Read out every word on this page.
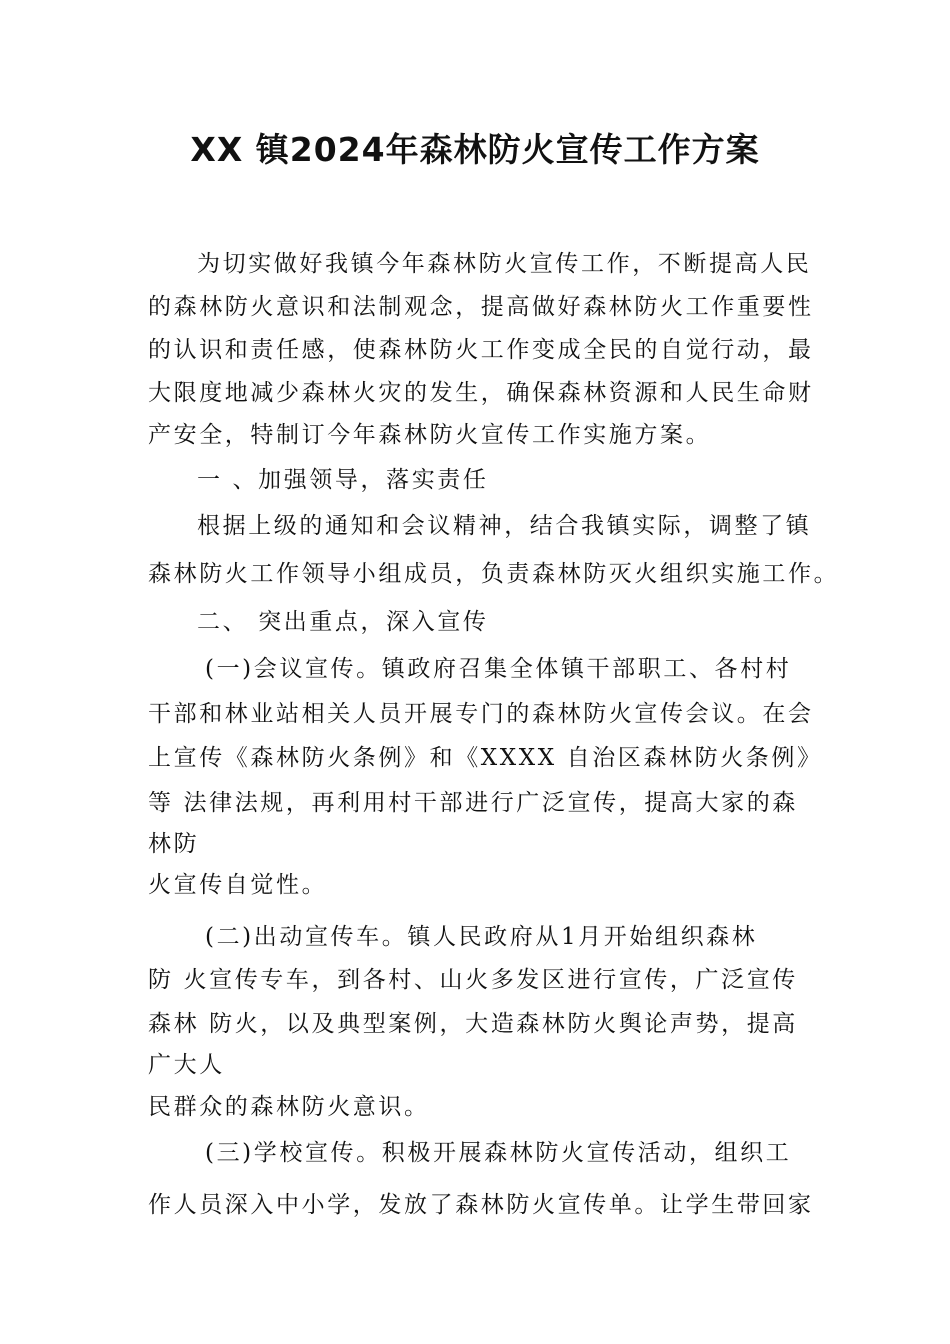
XX 镇2024年森林防火宣传工作方案
为切实做好我镇今年森林防火宣传工作，不断提高人民
的森林防火意识和法制观念，提高做好森林防火工作重要性
的认识和责任感，使森林防火工作变成全民的自觉行动，最
大限度地减少森林火灾的发生，确保森林资源和人民生命财
产安全，特制订今年森林防火宣传工作实施方案。
一 、加强领导，落实责任
根据上级的通知和会议精神，结合我镇实际，调整了镇
森林防火工作领导小组成员，负责森林防灭火组织实施工作。
二、 突出重点，深入宣传
(一)会议宣传。镇政府召集全体镇干部职工、各村村
干部和林业站相关人员开展专门的森林防火宣传会议。在会
上宣传《森林防火条例》和《XXXX 自治区森林防火条例》
等 法律法规，再利用村干部进行广泛宣传，提高大家的森
林防
火宣传自觉性。
(二)出动宣传车。镇人民政府从1月开始组织森林
防 火宣传专车，到各村、山火多发区进行宣传，广泛宣传
森林 防火，以及典型案例，大造森林防火舆论声势，提高
广大人
民群众的森林防火意识。
(三)学校宣传。积极开展森林防火宣传活动，组织工
作人员深入中小学，发放了森林防火宣传单。让学生带回家
